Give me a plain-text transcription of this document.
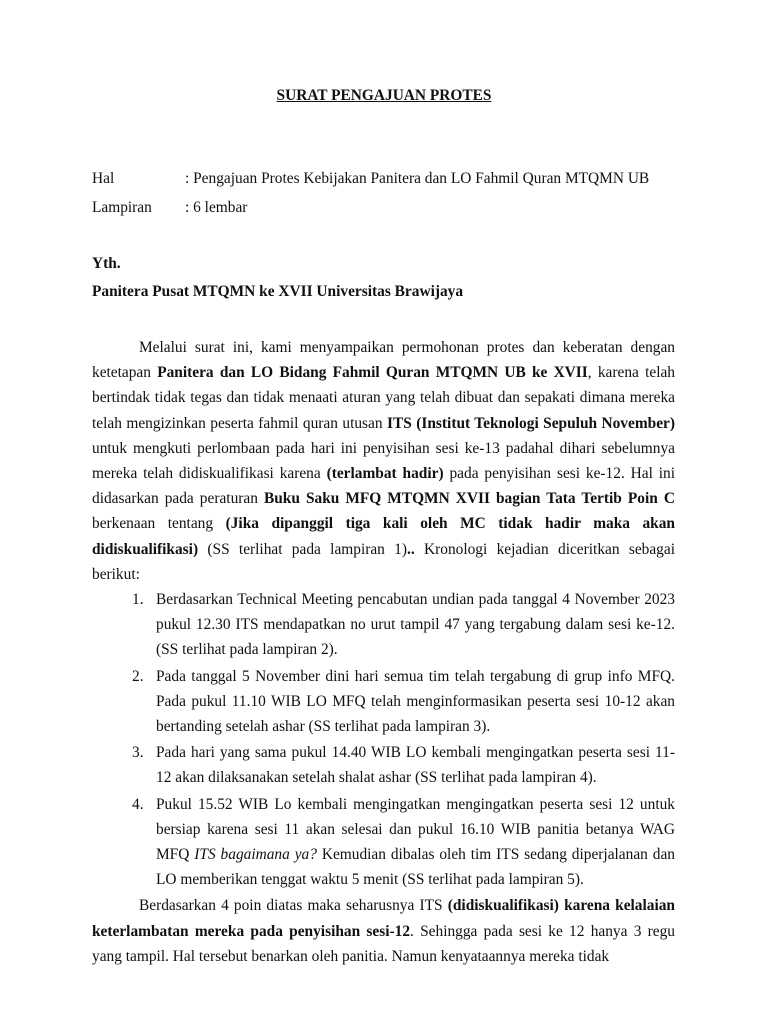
SURAT PENGAJUAN PROTES
Hal	: Pengajuan Protes Kebijakan Panitera dan LO Fahmil Quran MTQMN UB
Lampiran : 6 lembar
Yth.
Panitera Pusat MTQMN ke XVII Universitas Brawijaya

Melalui surat ini, kami menyampaikan permohonan protes dan keberatan dengan ketetapan Panitera dan LO Bidang Fahmil Quran MTQMN UB ke XVII, karena telah bertindak tidak tegas dan tidak menaati aturan yang telah dibuat dan sepakati dimana mereka telah mengizinkan peserta fahmil quran utusan ITS (Institut Teknologi Sepuluh November) untuk mengkuti perlombaan pada hari ini penyisihan sesi ke-13 padahal dihari sebelumnya mereka telah didiskualifikasi karena (terlambat hadir) pada penyisihan sesi ke-12. Hal ini didasarkan pada peraturan Buku Saku MFQ MTQMN XVII bagian Tata Tertib Poin C berkenaan tentang (Jika dipanggil tiga kali oleh MC tidak hadir maka akan didiskualifikasi) (SS terlihat pada lampiran 1).. Kronologi kejadian diceritkan sebagai berikut:

1. Berdasarkan Technical Meeting pencabutan undian pada tanggal 4 November 2023 pukul 12.30 ITS mendapatkan no urut tampil 47 yang tergabung dalam sesi ke-12. (SS terlihat pada lampiran 2).
2. Pada tanggal 5 November dini hari semua tim telah tergabung di grup info MFQ. Pada pukul 11.10 WIB LO MFQ telah menginformasikan peserta sesi 10-12 akan bertanding setelah ashar (SS terlihat pada lampiran 3).
3. Pada hari yang sama pukul 14.40 WIB LO kembali mengingatkan peserta sesi 11-12 akan dilaksanakan setelah shalat ashar (SS terlihat pada lampiran 4).
4. Pukul 15.52 WIB Lo kembali mengingatkan mengingatkan peserta sesi 12 untuk bersiap karena sesi 11 akan selesai dan pukul 16.10 WIB panitia betanya WAG MFQ ITS bagaimana ya? Kemudian dibalas oleh tim ITS sedang diperjalanan dan LO memberikan tenggat waktu 5 menit (SS terlihat pada lampiran 5).

Berdasarkan 4 poin diatas maka seharusnya ITS (didiskualifikasi) karena kelalaian keterlambatan mereka pada penyisihan sesi-12. Sehingga pada sesi ke 12 hanya 3 regu yang tampil. Hal tersebut benarkan oleh panitia. Namun kenyataannya mereka tidak
